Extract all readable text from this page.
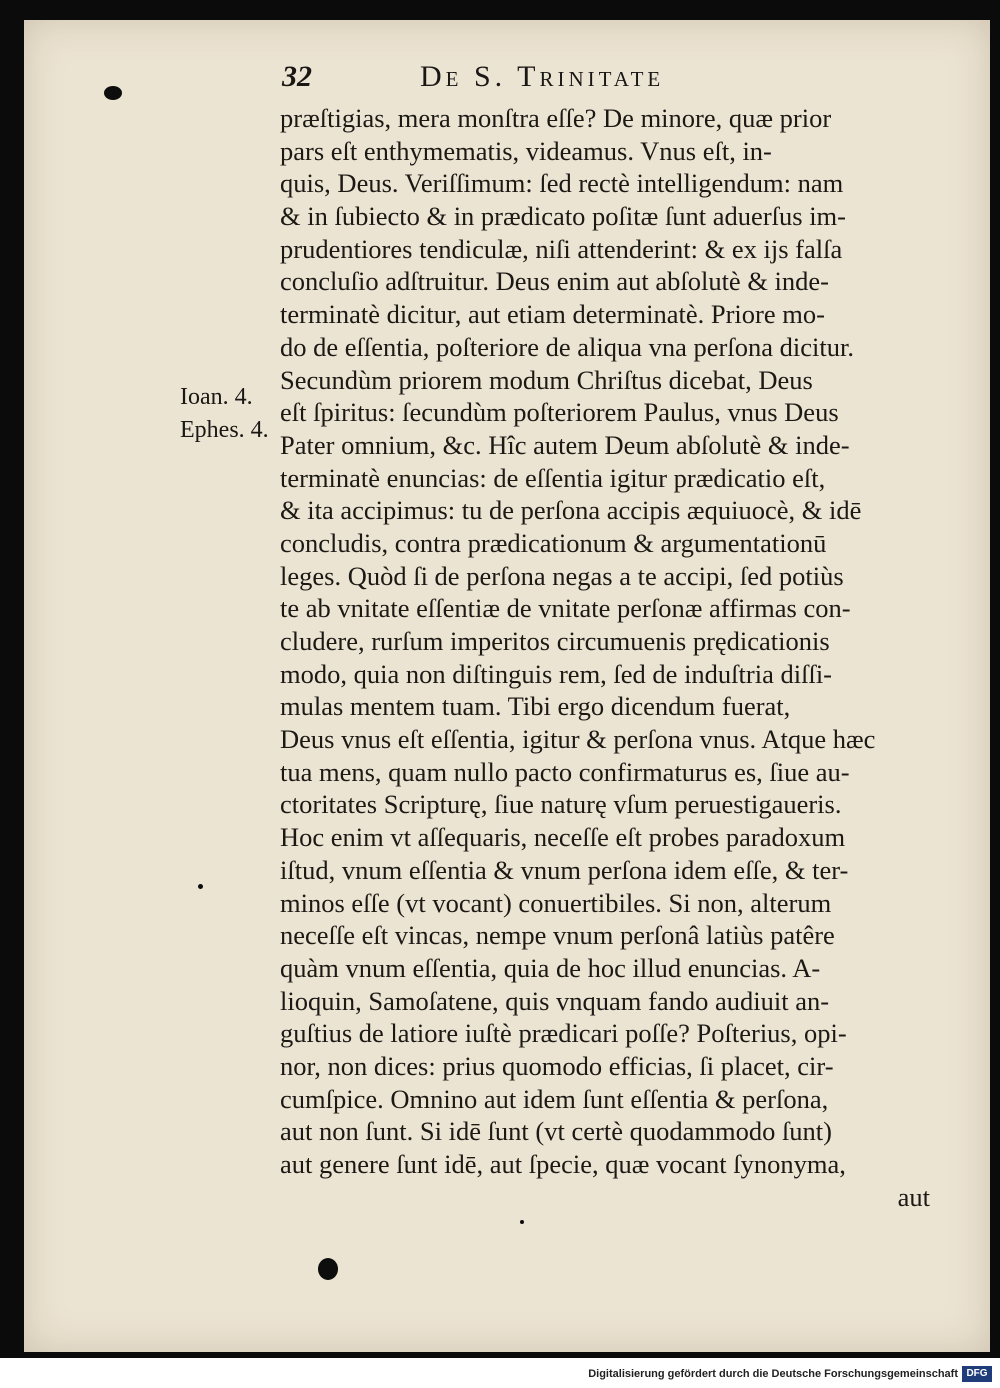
32	De S. Trinitate
Ioan. 4.
Ephes. 4.
præſtigias, mera monſtra eſſe? De minore, quæ prior
pars eſt enthymematis, videamus. Vnus eſt, in-
quis, Deus. Veriſſimum: ſed rectè intelligendum: nam
& in ſubiecto & in prædicato poſitæ ſunt aduerſus im-
prudentiores tendiculæ, niſi attenderint: & ex ijs falſa
concluſio adſtruitur. Deus enim aut abſolutè & inde-
terminatè dicitur, aut etiam determinatè. Priore mo-
do de eſſentia, poſteriore de aliqua vna perſona dicitur.
Secundùm priorem modum Chriſtus dicebat, Deus
eſt ſpiritus: ſecundùm poſteriorem Paulus, vnus Deus
Pater omnium, &c. Hîc autem Deum abſolutè & inde-
terminatè enuncias: de eſſentia igitur prædicatio eſt,
& ita accipimus: tu de perſona accipis æquiuocè, & idē
concludis, contra prædicationum & argumentationū
leges. Quòd ſi de perſona negas a te accipi, ſed potiùs
te ab vnitate eſſentiæ de vnitate perſonæ affirmas con-
cludere, rurſum imperitos circumuenis prędicationis
modo, quia non diſtinguis rem, ſed de induſtria diſſi-
mulas mentem tuam. Tibi ergo dicendum fuerat,
Deus vnus eſt eſſentia, igitur & perſona vnus. Atque hæc
tua mens, quam nullo pacto confirmaturus es, ſiue au-
ctoritates Scripturę, ſiue naturę vſum peruestigaueris.
Hoc enim vt aſſequaris, neceſſe eſt probes paradoxum
iſtud, vnum eſſentia & vnum perſona idem eſſe, & ter-
minos eſſe (vt vocant) conuertibiles. Si non, alterum
neceſſe eſt vincas, nempe vnum perſonâ latiùs patêre
quàm vnum eſſentia, quia de hoc illud enuncias. A-
lioquin, Samoſatene, quis vnquam fando audiuit an-
guſtius de latiore iuſtè prædicari poſſe? Poſterius, opi-
nor, non dices: prius quomodo efficias, ſi placet, cir-
cumſpice. Omnino aut idem ſunt eſſentia & perſona,
aut non ſunt. Si idē ſunt (vt certè quodammodo ſunt)
aut genere ſunt idē, aut ſpecie, quæ vocant ſynonyma,
aut
Digitalisierung gefördert durch die Deutsche Forschungsgemeinschaft DFG
